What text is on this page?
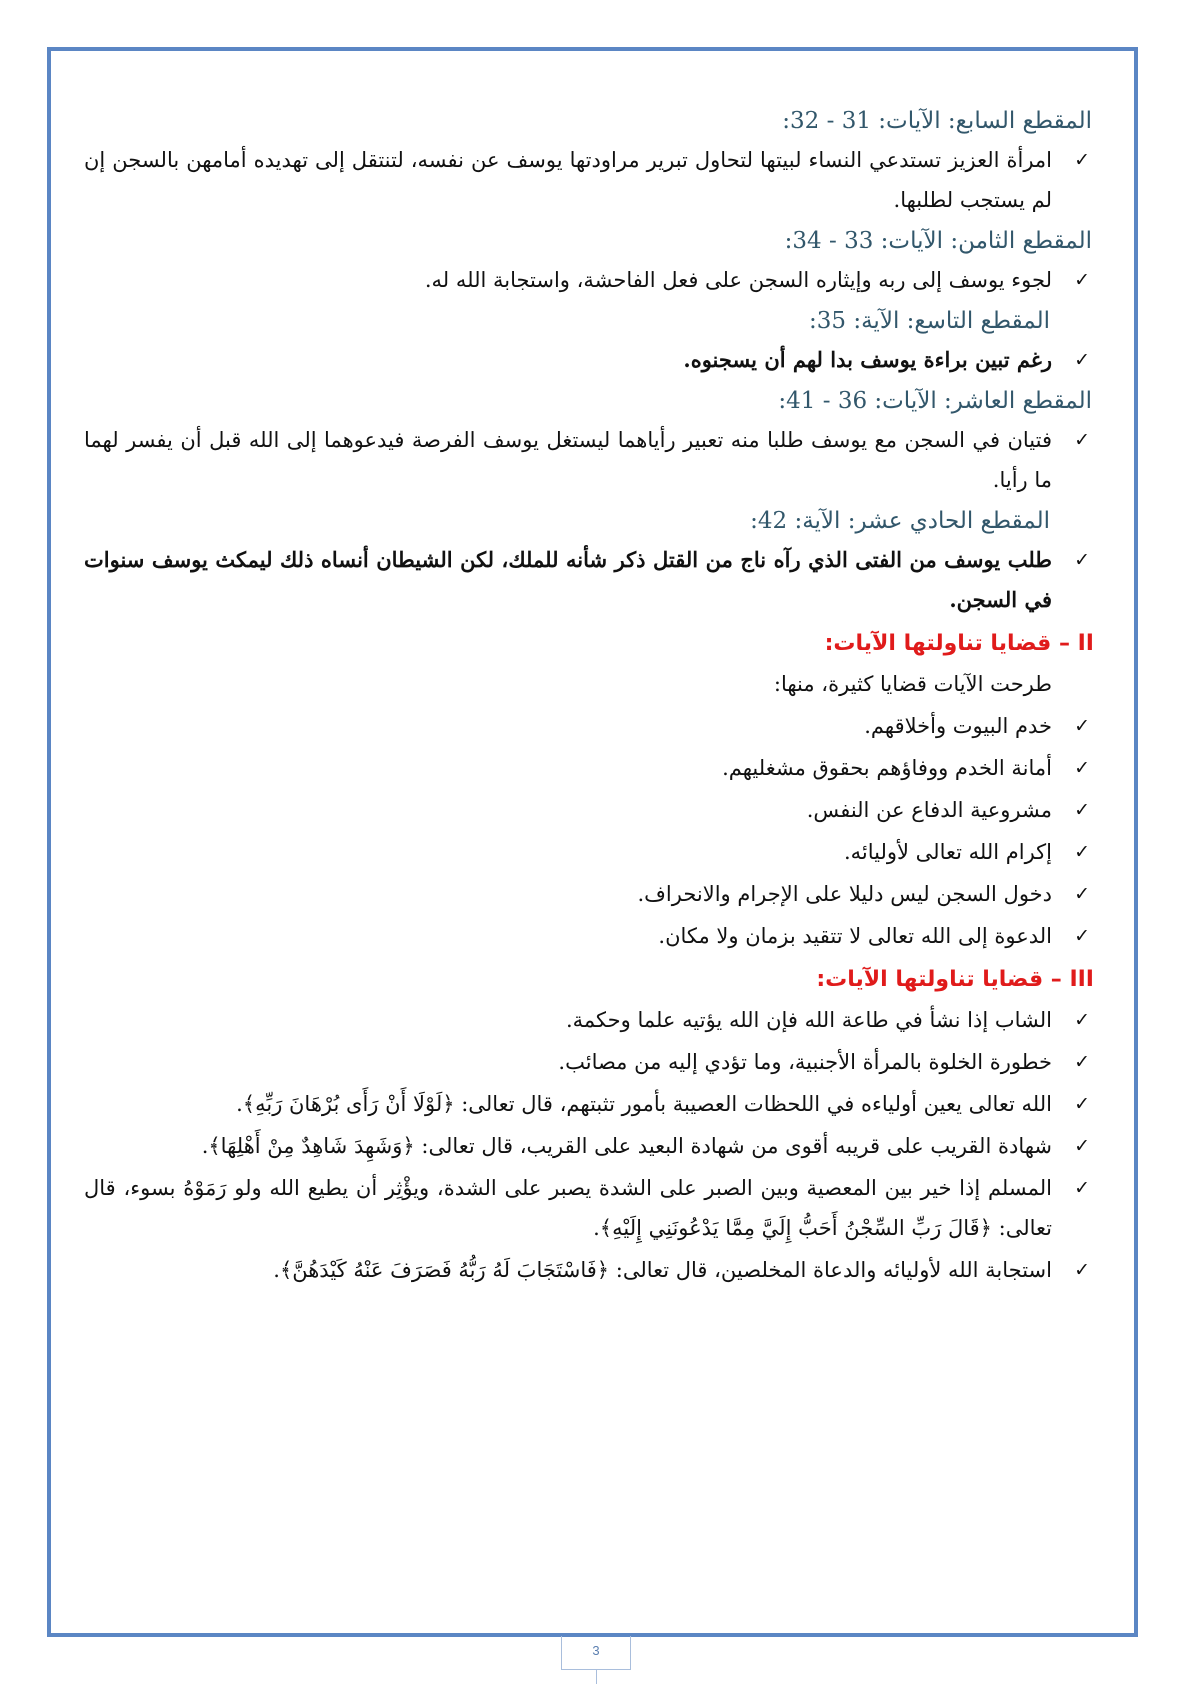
المقطع السابع: الآيات: 31 - 32:
✓
امرأة العزيز تستدعي النساء لبيتها لتحاول تبرير مراودتها يوسف عن نفسه، لتنتقل إلى تهديده أمامهن بالسجن إن لم يستجب لطلبها.
المقطع الثامن: الآيات: 33 - 34:
✓
لجوء يوسف إلى ربه وإيثاره السجن على فعل الفاحشة، واستجابة الله له.
المقطع التاسع: الآية: 35:
✓
رغم تبين براءة يوسف بدا لهم أن يسجنوه.
المقطع العاشر: الآيات: 36 - 41:
✓
فتيان في السجن مع يوسف طلبا منه تعبير رأياهما ليستغل يوسف الفرصة فيدعوهما إلى الله قبل أن يفسر لهما ما رأيا.
المقطع الحادي عشر: الآية: 42:
✓
طلب يوسف من الفتى الذي رآه ناج من القتل ذكر شأنه للملك، لكن الشيطان أنساه ذلك ليمكث يوسف سنوات في السجن.
II – قضايا تناولتها الآيات:
طرحت الآيات قضايا كثيرة، منها:
✓
خدم البيوت وأخلاقهم.
✓
أمانة الخدم ووفاؤهم بحقوق مشغليهم.
✓
مشروعية الدفاع عن النفس.
✓
إكرام الله تعالى لأوليائه.
✓
دخول السجن ليس دليلا على الإجرام والانحراف.
✓
الدعوة إلى الله تعالى لا تتقيد بزمان ولا مكان.
III – قضايا تناولتها الآيات:
✓
الشاب إذا نشأ في طاعة الله فإن الله يؤتيه علما وحكمة.
✓
خطورة الخلوة بالمرأة الأجنبية، وما تؤدي إليه من مصائب.
✓
الله تعالى يعين أولياءه في اللحظات العصيبة بأمور تثبتهم، قال تعالى: ﴿لَوْلَا أَنْ رَأَى بُرْهَانَ رَبِّهِ﴾.
✓
شهادة القريب على قريبه أقوى من شهادة البعيد على القريب، قال تعالى: ﴿وَشَهِدَ شَاهِدٌ مِنْ أَهْلِهَا﴾.
✓
المسلم إذا خير بين المعصية وبين الصبر على الشدة يصبر على الشدة، ويؤْثِر أن يطيع الله ولو رَمَوْهُ بسوء، قال تعالى: ﴿قَالَ رَبِّ السِّجْنُ أَحَبُّ إِلَيَّ مِمَّا يَدْعُونَنِي إِلَيْهِ﴾.
✓
استجابة الله لأوليائه والدعاة المخلصين، قال تعالى: ﴿فَاسْتَجَابَ لَهُ رَبُّهُ فَصَرَفَ عَنْهُ كَيْدَهُنَّ﴾.
3
